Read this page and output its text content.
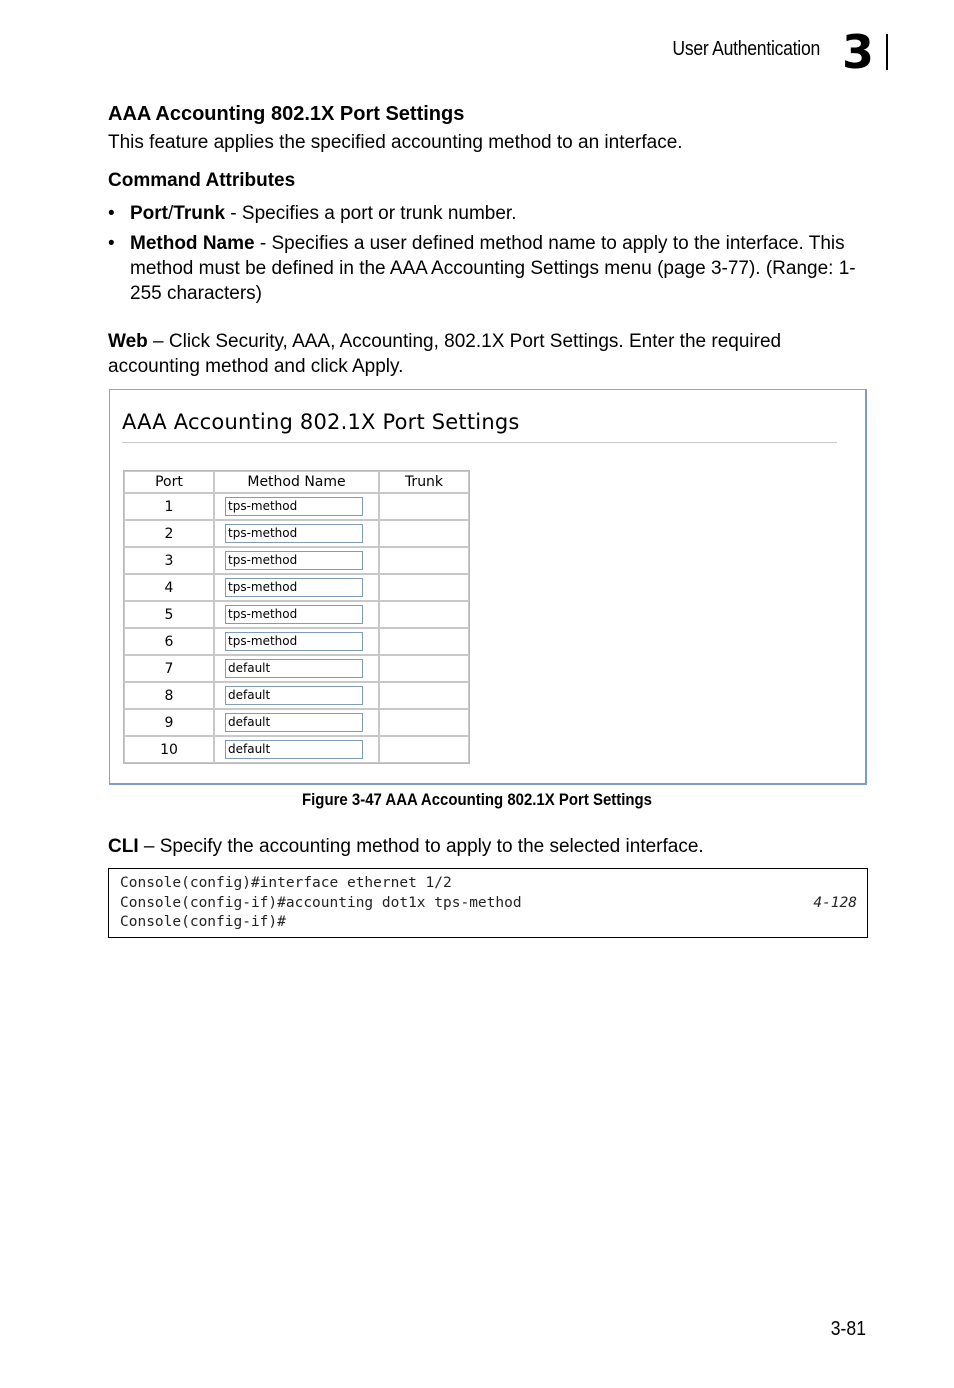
User Authentication 3
AAA Accounting 802.1X Port Settings
This feature applies the specified accounting method to an interface.
Command Attributes
• Port/Trunk - Specifies a port or trunk number.
• Method Name - Specifies a user defined method name to apply to the interface. This method must be defined in the AAA Accounting Settings menu (page 3-77). (Range: 1-255 characters)
Web – Click Security, AAA, Accounting, 802.1X Port Settings. Enter the required accounting method and click Apply.
AAA Accounting 802.1X Port Settings
Port	Method Name	Trunk
1	tps-method	

2	tps-method	

3	tps-method	

4	tps-method	

5	tps-method	

6	tps-method	

7	default	

8	default	

9	default	

10	default	

Figure 3-47 AAA Accounting 802.1X Port Settings
CLI – Specify the accounting method to apply to the selected interface.
Console(config)#interface ethernet 1/2
Console(config-if)#accounting dot1x tps-method	4-128
Console(config-if)#
3-81
